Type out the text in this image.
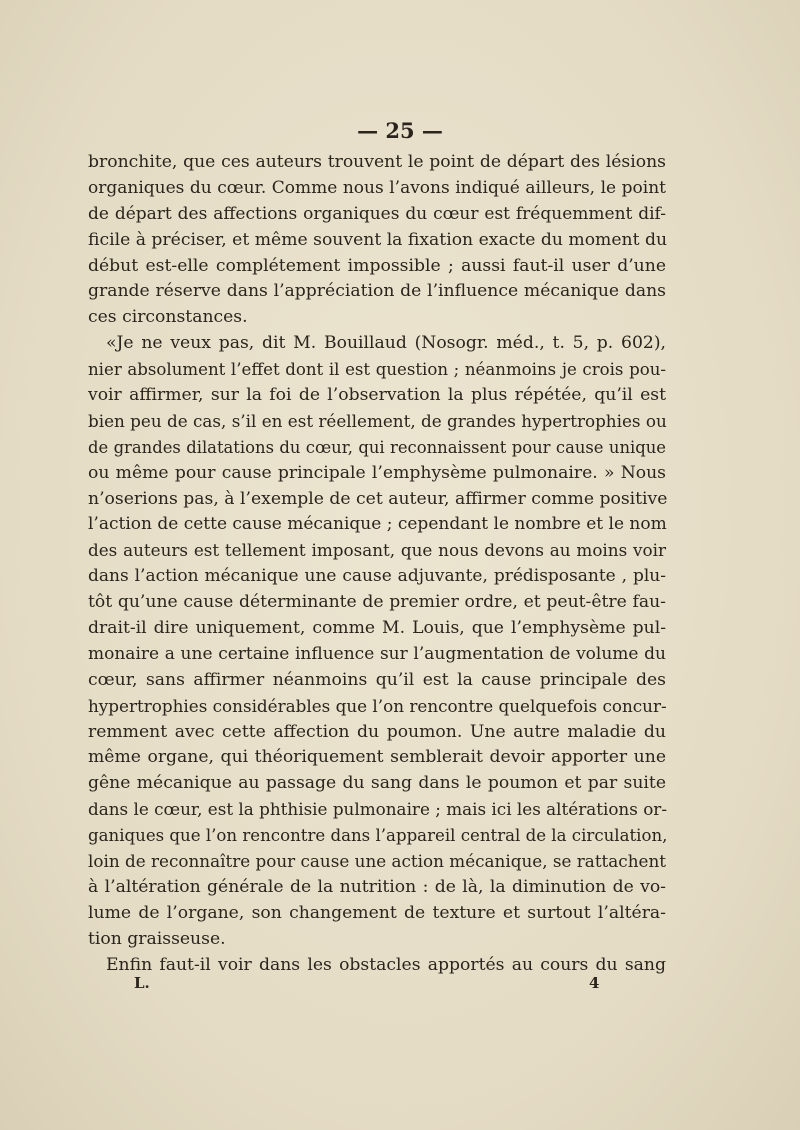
— 25 —
bronchite, que ces auteurs trouvent le point de départ des lésions
organiques du cœur. Comme nous l’avons indiqué ailleurs, le point
de départ des affections organiques du cœur est fréquemment dif-
ficile à préciser, et même souvent la fixation exacte du moment du
début est-elle complétement impossible ; aussi faut-il user d’une
grande réserve dans l’appréciation de l’influence mécanique dans
ces circonstances.
«Je ne veux pas, dit M. Bouillaud (Nosogr. méd., t. 5, p. 602),
nier absolument l’effet dont il est question ; néanmoins je crois pou-
voir affirmer, sur la foi de l’observation la plus répétée, qu’il est
bien peu de cas, s’il en est réellement, de grandes hypertrophies ou
de grandes dilatations du cœur, qui reconnaissent pour cause unique
ou même pour cause principale l’emphysème pulmonaire. » Nous
n’oserions pas, à l’exemple de cet auteur, affirmer comme positive
l’action de cette cause mécanique ; cependant le nombre et le nom
des auteurs est tellement imposant, que nous devons au moins voir
dans l’action mécanique une cause adjuvante, prédisposante , plu-
tôt qu’une cause déterminante de premier ordre, et peut-être fau-
drait-il dire uniquement, comme M. Louis, que l’emphysème pul-
monaire a une certaine influence sur l’augmentation de volume du
cœur, sans affirmer néanmoins qu’il est la cause principale des
hypertrophies considérables que l’on rencontre quelquefois concur-
remment avec cette affection du poumon. Une autre maladie du
même organe, qui théoriquement semblerait devoir apporter une
gêne mécanique au passage du sang dans le poumon et par suite
dans le cœur, est la phthisie pulmonaire ; mais ici les altérations or-
ganiques que l’on rencontre dans l’appareil central de la circulation,
loin de reconnaître pour cause une action mécanique, se rattachent
à l’altération générale de la nutrition : de là, la diminution de vo-
lume de l’organe, son changement de texture et surtout l’altéra-
tion graisseuse.
Enfin faut-il voir dans les obstacles apportés au cours du sang
L.	4
